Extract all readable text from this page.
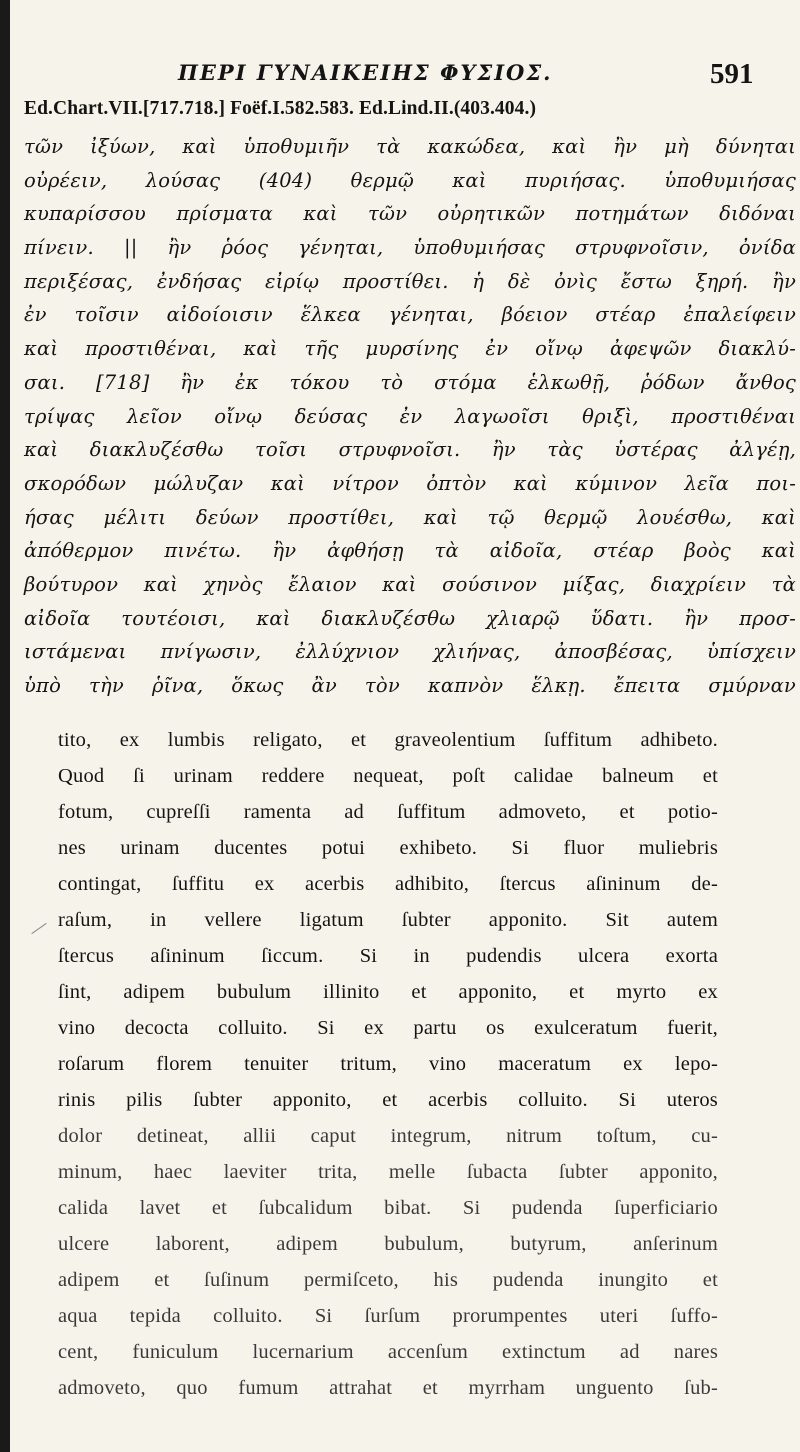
ΠΕΡΙ ΓΥΝΑΙΚΕΙΗΣ ΦΥΣΙΟΣ.	591
Ed.Chart.VII.[717.718.] Foëf.I.582.583. Ed.Lind.II.(403.404.)
τῶν ἰξύων, καὶ ὑποθυμιῆν τὰ κακώδεα, καὶ ἢν μὴ δύνηται
οὐρέειν, λούσας (404) θερμῷ καὶ πυριήσας. ὑποθυμιήσας
κυπαρίσσου πρίσματα καὶ τῶν οὐρητικῶν ποτημάτων διδόναι
πίνειν. || ἢν ῥόος γένηται, ὑποθυμιήσας στρυφνοῖσιν, ὀνίδα
περιξέσας, ἐνδήσας εἰρίῳ προστίθει. ἡ δὲ ὀνὶς ἔστω ξηρή. ἢν
ἐν τοῖσιν αἰδοίοισιν ἕλκεα γένηται, βόειον στέαρ ἐπαλείφειν
καὶ προστιθέναι, καὶ τῆς μυρσίνης ἐν οἴνῳ ἀφεψῶν διακλύ-
σαι. [718] ἢν ἐκ τόκου τὸ στόμα ἑλκωθῇ, ῥόδων ἄνθος
τρίψας λεῖον οἴνῳ δεύσας ἐν λαγωοῖσι θριξὶ, προστιθέναι
καὶ διακλυζέσθω τοῖσι στρυφνοῖσι. ἢν τὰς ὑστέρας ἀλγέῃ,
σκορόδων μώλυζαν καὶ νίτρον ὀπτὸν καὶ κύμινον λεῖα ποι-
ήσας μέλιτι δεύων προστίθει, καὶ τῷ θερμῷ λουέσθω, καὶ
ἀπόθερμον πινέτω. ἢν ἀφθήσῃ τὰ αἰδοῖα, στέαρ βοὸς καὶ
βούτυρον καὶ χηνὸς ἔλαιον καὶ σούσινον μίξας, διαχρίειν τὰ
αἰδοῖα τουτέοισι, καὶ διακλυζέσθω χλιαρῷ ὕδατι. ἢν προσ-
ιστάμεναι πνίγωσιν, ἐλλύχνιον χλιήνας, ἀποσβέσας, ὑπίσχειν
ὑπὸ τὴν ῥῖνα, ὅκως ἂν τὸν καπνὸν ἕλκῃ. ἔπειτα σμύρναν
tito, ex lumbis religato, et graveolentium ſuffitum adhibeto.
Quod ſi urinam reddere nequeat, poſt calidae balneum et
fotum, cupreſſi ramenta ad ſuffitum admoveto, et potio-
nes urinam ducentes potui exhibeto. Si fluor muliebris
contingat, ſuffitu ex acerbis adhibito, ſtercus aſininum de-
raſum, in vellere ligatum ſubter apponito. Sit autem
ſtercus aſininum ſiccum. Si in pudendis ulcera exorta
ſint, adipem bubulum illinito et apponito, et myrto ex
vino decocta colluito. Si ex partu os exulceratum fuerit,
roſarum florem tenuiter tritum, vino maceratum ex lepo-
rinis pilis ſubter apponito, et acerbis colluito. Si uteros
dolor detineat, allii caput integrum, nitrum toſtum, cu-
minum, haec laeviter trita, melle ſubacta ſubter apponito,
calida lavet et ſubcalidum bibat. Si pudenda ſuperficiario
ulcere laborent, adipem bubulum, butyrum, anſerinum
adipem et ſuſinum permiſceto, his pudenda inungito et
aqua tepida colluito. Si ſurſum prorumpentes uteri ſuffo-
cent, funiculum lucernarium accenſum extinctum ad nares
admoveto, quo fumum attrahat et myrrham unguento ſub-
